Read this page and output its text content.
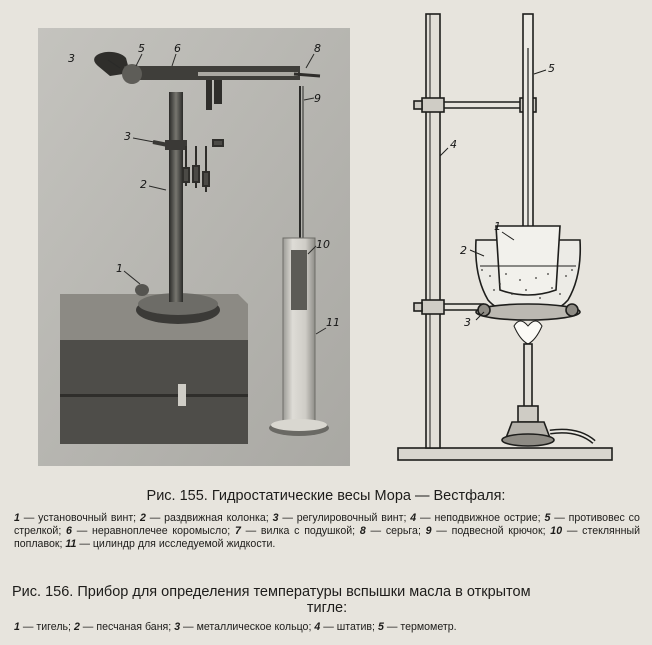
3
5	6	8
9
3
2
1
10
11
1
2
3
4
5
Рис. 155. Гидростатические весы Мора — Вестфаля:
1 — установочный винт; 2 — раздвижная колонка; 3 — регулировочный винт; 4 — неподвижное острие; 5 — противовес со стрелкой; 6 — неравноплечее коромысло; 7 — вилка с подушкой; 8 — серьга; 9 — подвесной крючок; 10 — стеклянный поплавок; 11 — цилиндр для исследуемой жидкости.
Рис. 156. Прибор для определения температуры вспышки масла в открытом
тигле:
1 — тигель; 2 — песчаная баня; 3 — металлическое кольцо; 4 — штатив; 5 — термометр.
